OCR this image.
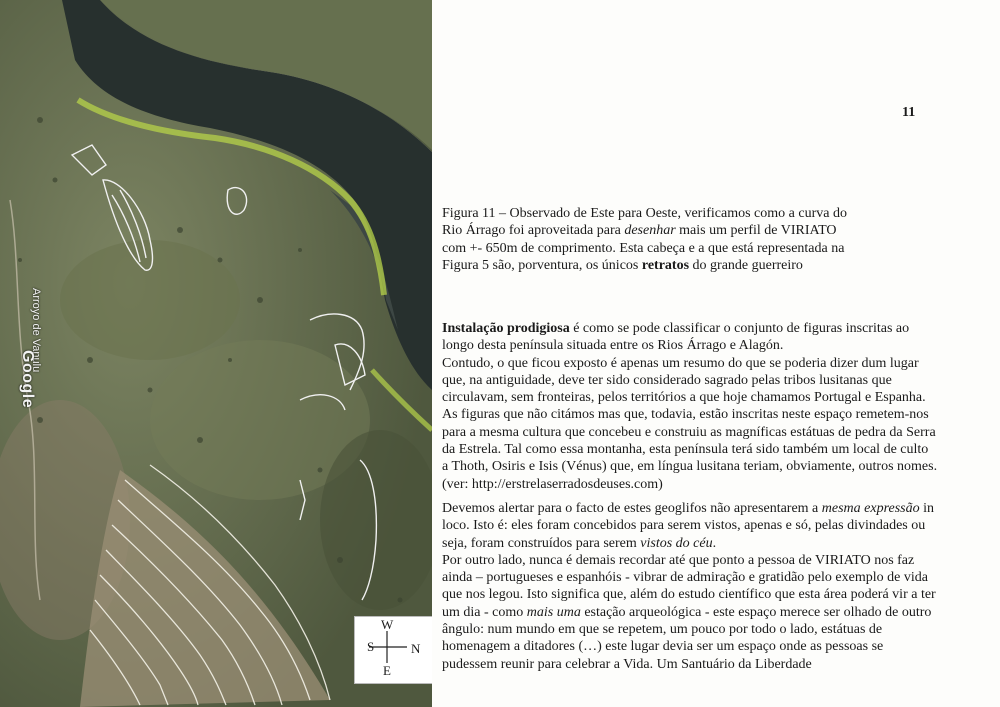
Arroyo de Vanulu
Google
W
S	N
E
11
Figura 11 – Observado de Este para Oeste, verificamos como a curva do
Rio Árrago foi aproveitada para desenhar mais um perfil de VIRIATO
com +- 650m de comprimento. Esta cabeça e a que está representada na
Figura 5 são, porventura, os únicos retratos do grande guerreiro
Instalação prodigiosa é como se pode classificar o conjunto de figuras inscritas ao
longo desta península situada entre os Rios Árrago e Alagón.
Contudo, o que ficou exposto é apenas um resumo do que se poderia dizer dum lugar
que, na antiguidade, deve ter sido considerado sagrado pelas tribos lusitanas que
circulavam, sem fronteiras, pelos territórios a que hoje chamamos Portugal e Espanha.
As figuras que não citámos mas que, todavia, estão inscritas neste espaço remetem-nos
para a mesma cultura que concebeu e construiu as magníficas estátuas de pedra da Serra
da Estrela. Tal como essa montanha, esta península terá sido também um local de culto
a Thoth, Osiris e Isis (Vénus) que, em língua lusitana teriam, obviamente, outros nomes.
(ver: http://erstrelaserradosdeuses.com)
Devemos alertar para o facto de estes geoglifos não apresentarem a mesma expressão in
loco. Isto é: eles foram concebidos para serem vistos, apenas e só, pelas divindades ou
seja, foram construídos para serem vistos do céu.
Por outro lado, nunca é demais recordar até que ponto a pessoa de VIRIATO nos faz
ainda – portugueses e espanhóis - vibrar de admiração e gratidão pelo exemplo de vida
que nos legou. Isto significa que, além do estudo científico que esta área poderá vir a ter
um dia - como mais uma estação arqueológica - este espaço merece ser olhado de outro
ângulo: num mundo em que se repetem, um pouco por todo o lado, estátuas de
homenagem a ditadores (…) este lugar devia ser um espaço onde as pessoas se
pudessem reunir para celebrar a Vida. Um Santuário da Liberdade
